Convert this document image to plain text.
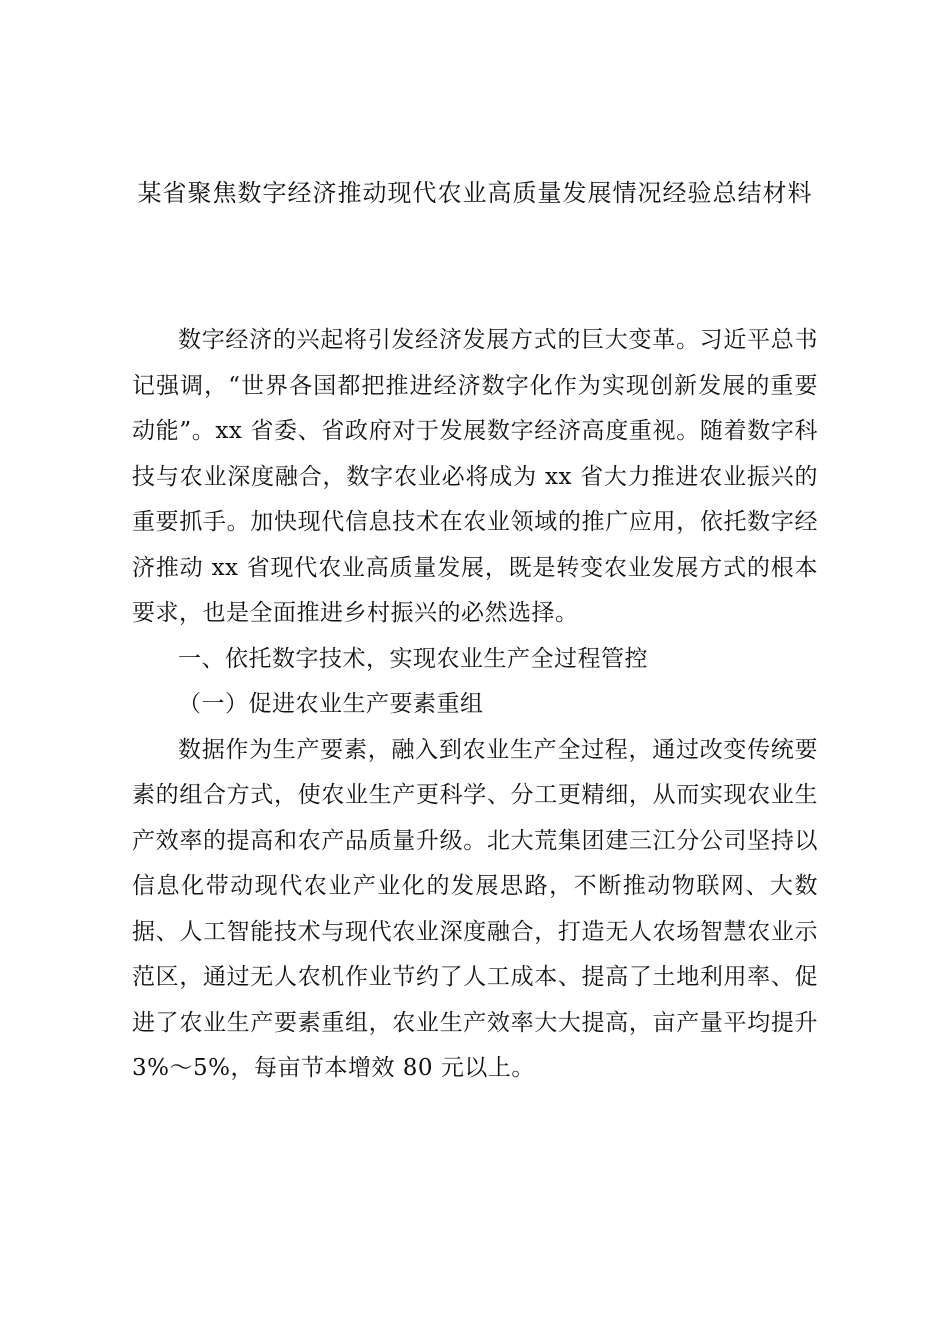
某省聚焦数字经济推动现代农业高质量发展情况经验总结材料

数字经济的兴起将引发经济发展方式的巨大变革。习近平总书记强调，“世界各国都把推进经济数字化作为实现创新发展的重要动能”。xx 省委、省政府对于发展数字经济高度重视。随着数字科技与农业深度融合，数字农业必将成为 xx 省大力推进农业振兴的重要抓手。加快现代信息技术在农业领域的推广应用，依托数字经济推动 xx 省现代农业高质量发展，既是转变农业发展方式的根本要求，也是全面推进乡村振兴的必然选择。

一、依托数字技术，实现农业生产全过程管控

（一）促进农业生产要素重组

数据作为生产要素，融入到农业生产全过程，通过改变传统要素的组合方式，使农业生产更科学、分工更精细，从而实现农业生产效率的提高和农产品质量升级。北大荒集团建三江分公司坚持以信息化带动现代农业产业化的发展思路，不断推动物联网、大数据、人工智能技术与现代农业深度融合，打造无人农场智慧农业示范区，通过无人农机作业节约了人工成本、提高了土地利用率、促进了农业生产要素重组，农业生产效率大大提高，亩产量平均提升 3%～5%，每亩节本增效 80 元以上。
